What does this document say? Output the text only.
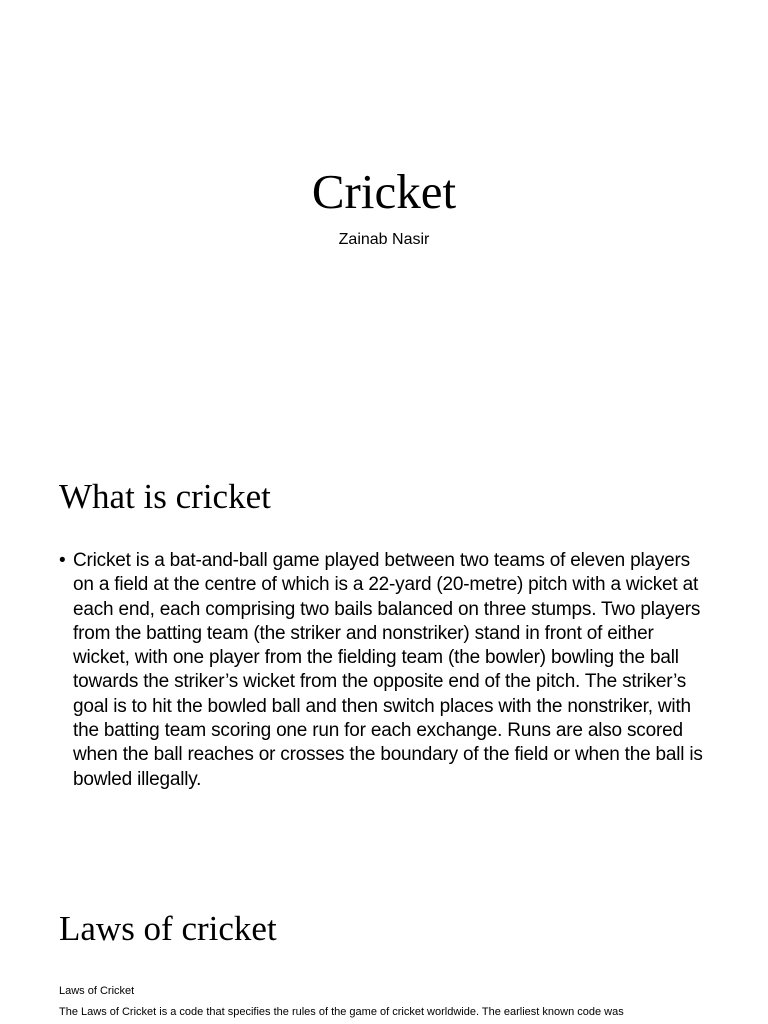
Cricket
Zainab Nasir
What is cricket
• Cricket is a bat-and-ball game played between two teams of eleven players on a field at the centre of which is a 22-yard (20-metre) pitch with a wicket at each end, each comprising two bails balanced on three stumps. Two players from the batting team (the striker and nonstriker) stand in front of either wicket, with one player from the fielding team (the bowler) bowling the ball towards the striker’s wicket from the opposite end of the pitch. The striker’s goal is to hit the bowled ball and then switch places with the nonstriker, with the batting team scoring one run for each exchange. Runs are also scored when the ball reaches or crosses the boundary of the field or when the ball is bowled illegally.
Laws of cricket
Laws of Cricket
The Laws of Cricket is a code that specifies the rules of the game of cricket worldwide. The earliest known code was
